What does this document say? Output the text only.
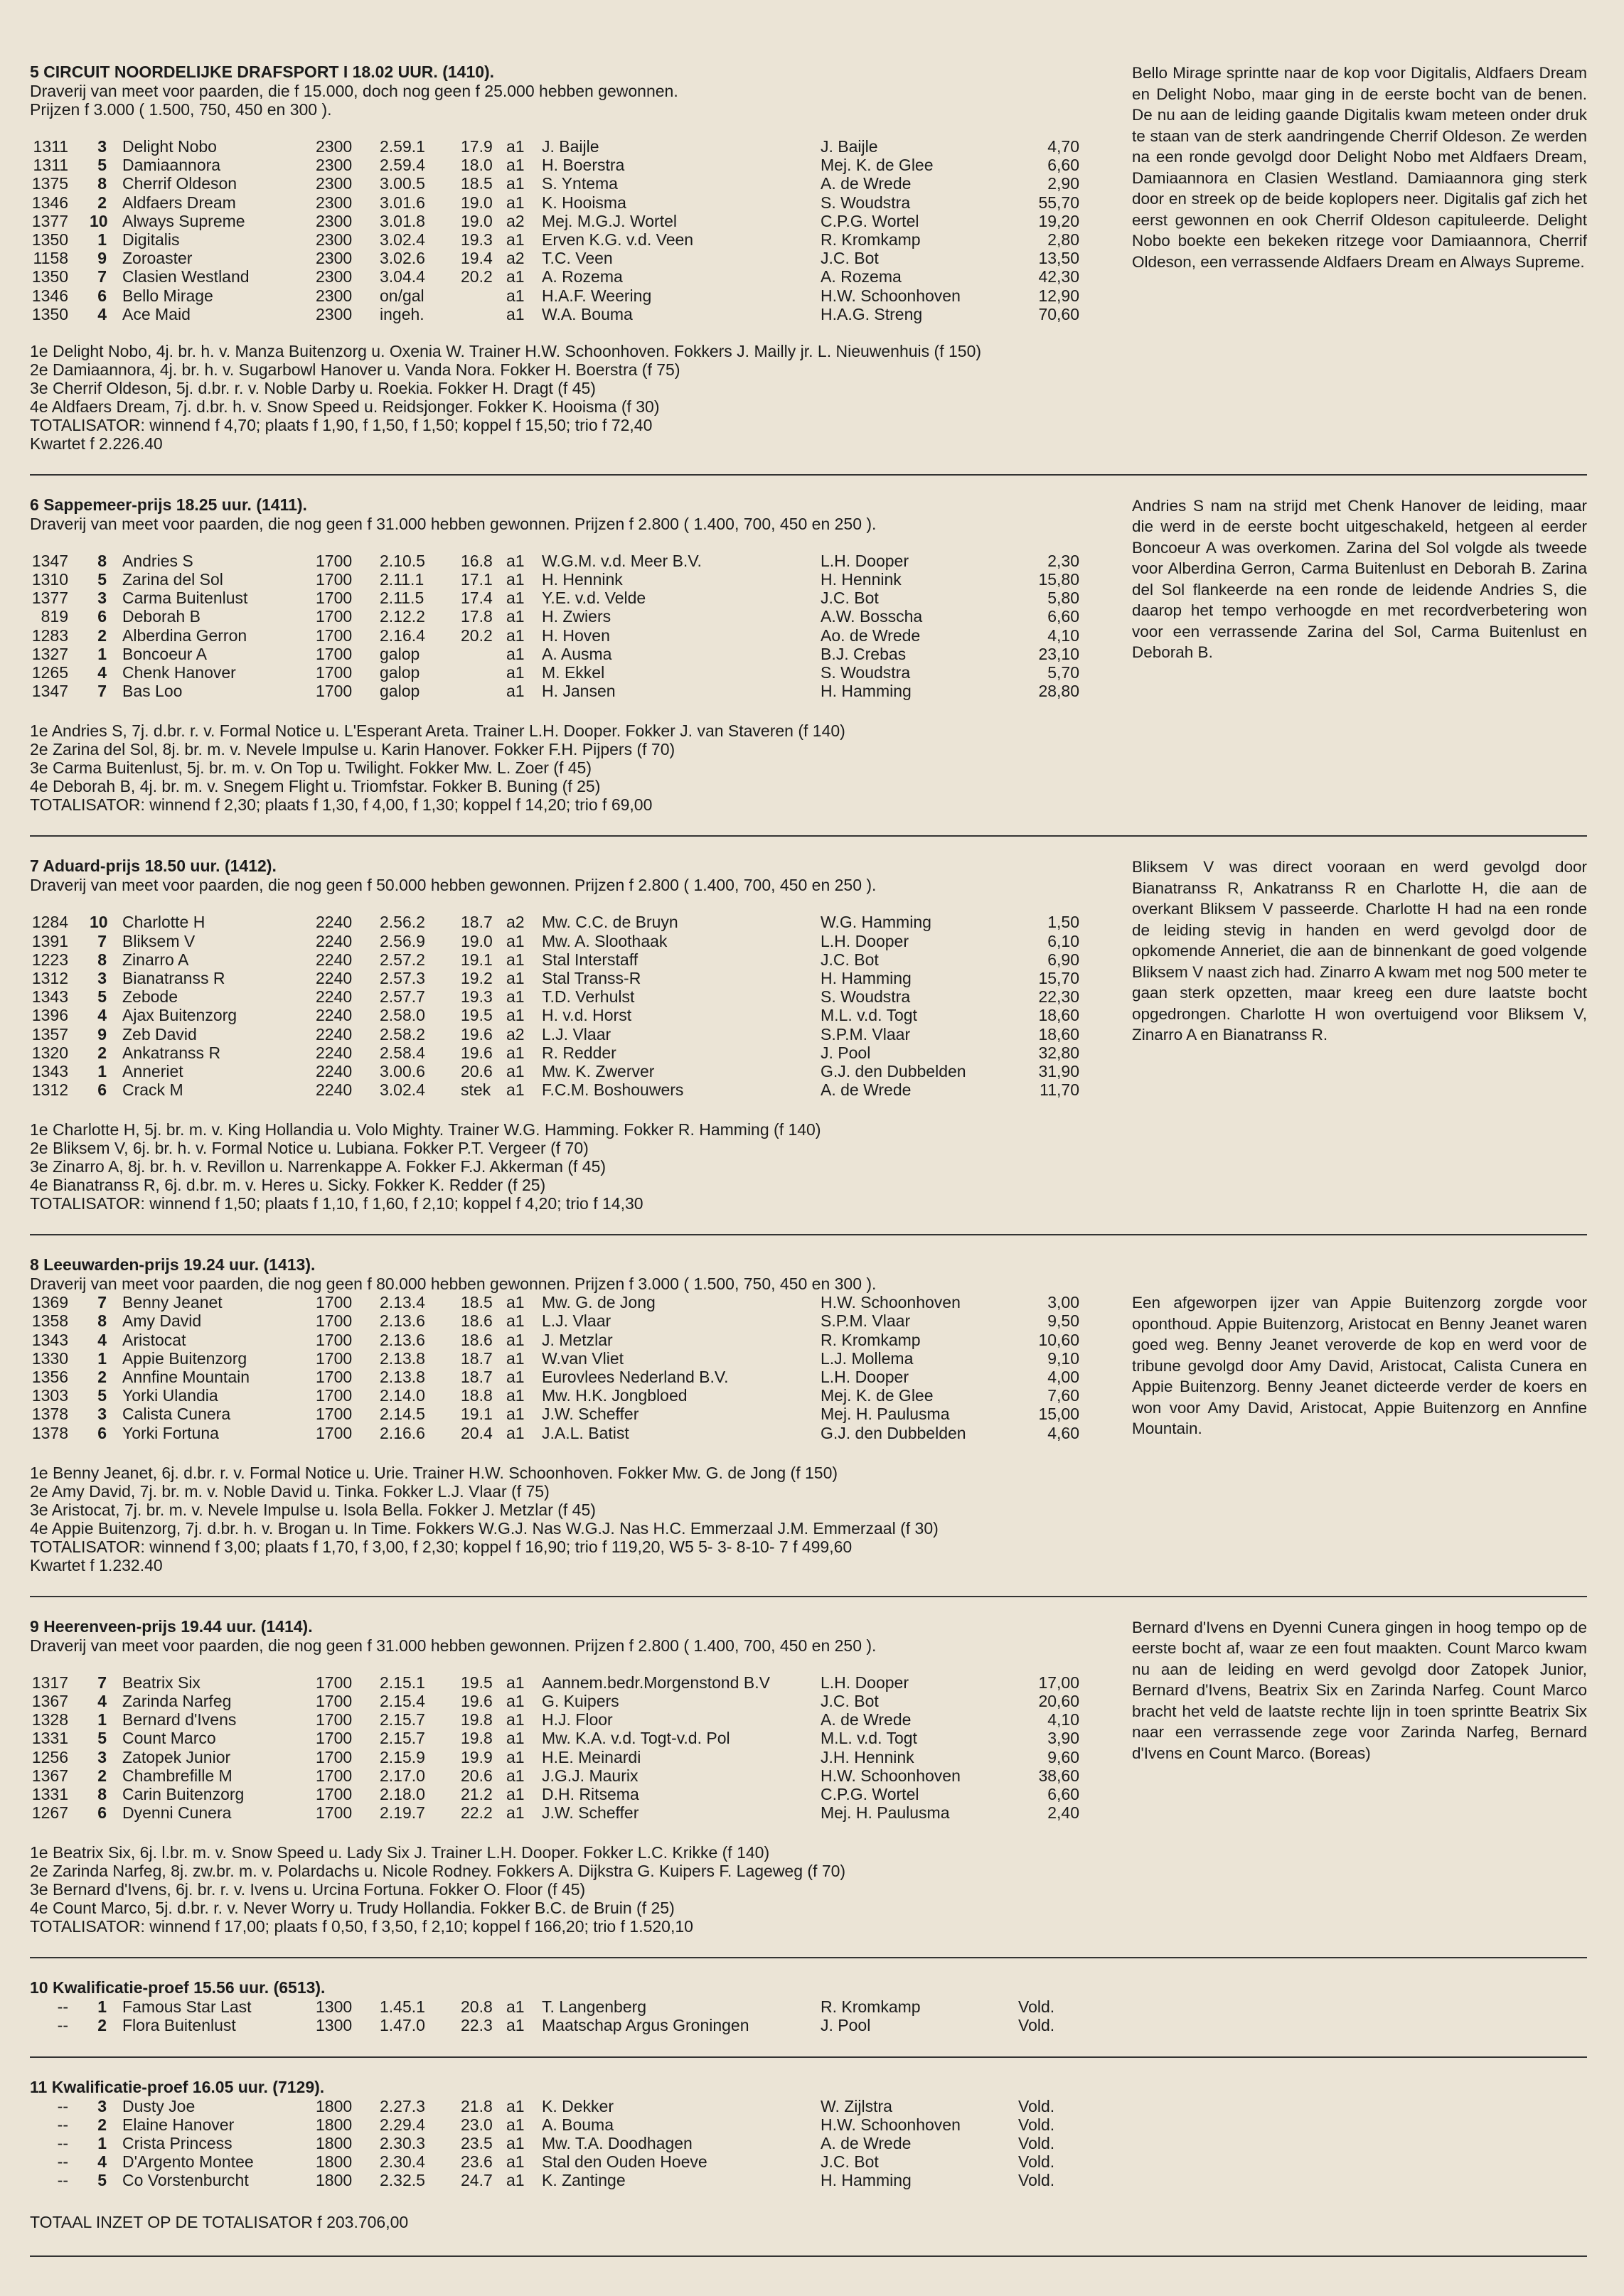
5 CIRCUIT NOORDELIJKE DRAFSPORT I 18.02 UUR. (1410).
Draverij van meet voor paarden, die f 15.000, doch nog geen f 25.000 hebben gewonnen.
Prijzen f 3.000 ( 1.500, 750, 450 en 300 ).
Bello Mirage sprintte naar de kop voor Digitalis, Aldfaers Dream en Delight Nobo, maar ging in de eerste bocht van de benen. De nu aan de leiding gaande Digitalis kwam meteen onder druk te staan van de sterk aandringende Cherrif Oldeson. Ze werden na een ronde gevolgd door Delight Nobo met Aldfaers Dream, Damiaannora en Clasien Westland. Damiaannora ging sterk door en streek op de beide koplopers neer. Digitalis gaf zich het eerst gewonnen en ook Cherrif Oldeson capituleerde. Delight Nobo boekte een bekeken ritzege voor Damiaannora, Cherrif Oldeson, een verrassende Aldfaers Dream en Always Supreme.
1311	3 Delight Nobo	2300 2.59.1 17.9 a1 J. Baijle	J. Baijle	4,70
1311	5 Damiaannora	2300 2.59.4 18.0 a1 H. Boerstra	Mej. K. de Glee	6,60
1375	8 Cherrif Oldeson	2300 3.00.5 18.5 a1 S. Yntema	A. de Wrede	2,90
1346	2 Aldfaers Dream	2300 3.01.6 19.0 a1 K. Hooisma	S. Woudstra	55,70
1377 10 Always Supreme	2300 3.01.8 19.0 a2 Mej. M.G.J. Wortel	C.P.G. Wortel	19,20
1350	1 Digitalis	2300 3.02.4 19.3 a1 Erven K.G. v.d. Veen	R. Kromkamp	2,80
1158	9 Zoroaster	2300 3.02.6 19.4 a2 T.C. Veen	J.C. Bot	13,50
1350	7 Clasien Westland	2300 3.04.4 20.2 a1 A. Rozema	A. Rozema	42,30
1346	6 Bello Mirage	2300 on/gal	a1 H.A.F. Weering	H.W. Schoonhoven	12,90
1350	4 Ace Maid	2300 ingeh.	a1 W.A. Bouma	H.A.G. Streng	70,60
1e Delight Nobo, 4j. br. h. v. Manza Buitenzorg u. Oxenia W. Trainer H.W. Schoonhoven. Fokkers J. Mailly jr. L. Nieuwenhuis (f 150)
2e Damiaannora, 4j. br. h. v. Sugarbowl Hanover u. Vanda Nora. Fokker H. Boerstra (f 75)
3e Cherrif Oldeson, 5j. d.br. r. v. Noble Darby u. Roekia. Fokker H. Dragt (f 45)
4e Aldfaers Dream, 7j. d.br. h. v. Snow Speed u. Reidsjonger. Fokker K. Hooisma (f 30)
TOTALISATOR: winnend f 4,70; plaats f 1,90, f 1,50, f 1,50; koppel f 15,50; trio f 72,40
Kwartet f 2.226.40
6 Sappemeer-prijs 18.25 uur. (1411).
Draverij van meet voor paarden, die nog geen f 31.000 hebben gewonnen. Prijzen f 2.800 ( 1.400, 700, 450 en 250 ).
Andries S nam na strijd met Chenk Hanover de leiding, maar die werd in de eerste bocht uitgeschakeld, hetgeen al eerder Boncoeur A was overkomen. Zarina del Sol volgde als tweede voor Alberdina Gerron, Carma Buitenlust en Deborah B. Zarina del Sol flankeerde na een ronde de leidende Andries S, die daarop het tempo verhoogde en met recordverbetering won voor een verrassende Zarina del Sol, Carma Buitenlust en Deborah B.
1347	8 Andries S	1700 2.10.5 16.8 a1 W.G.M. v.d. Meer B.V.	L.H. Dooper	2,30
1310	5 Zarina del Sol	1700 2.11.1 17.1 a1 H. Hennink	H. Hennink	15,80
1377	3 Carma Buitenlust	1700 2.11.5 17.4 a1 Y.E. v.d. Velde	J.C. Bot	5,80
819	6 Deborah B	1700 2.12.2 17.8 a1 H. Zwiers	A.W. Bosscha	6,60
1283	2 Alberdina Gerron	1700 2.16.4 20.2 a1 H. Hoven	Ao. de Wrede	4,10
1327	1 Boncoeur A	1700 galop	a1 A. Ausma	B.J. Crebas	23,10
1265	4 Chenk Hanover	1700 galop	a1 M. Ekkel	S. Woudstra	5,70
1347	7 Bas Loo	1700 galop	a1 H. Jansen	H. Hamming	28,80
1e Andries S, 7j. d.br. r. v. Formal Notice u. L'Esperant Areta. Trainer L.H. Dooper. Fokker J. van Staveren (f 140)
2e Zarina del Sol, 8j. br. m. v. Nevele Impulse u. Karin Hanover. Fokker F.H. Pijpers (f 70)
3e Carma Buitenlust, 5j. br. m. v. On Top u. Twilight. Fokker Mw. L. Zoer (f 45)
4e Deborah B, 4j. br. m. v. Snegem Flight u. Triomfstar. Fokker B. Buning (f 25)
TOTALISATOR: winnend f 2,30; plaats f 1,30, f 4,00, f 1,30; koppel f 14,20; trio f 69,00
7 Aduard-prijs 18.50 uur. (1412).
Draverij van meet voor paarden, die nog geen f 50.000 hebben gewonnen. Prijzen f 2.800 ( 1.400, 700, 450 en 250 ).
Bliksem V was direct vooraan en werd gevolgd door Bianatranss R, Ankatranss R en Charlotte H, die aan de overkant Bliksem V passeerde. Charlotte H had na een ronde de leiding stevig in handen en werd gevolgd door de opkomende Anneriet, die aan de binnenkant de goed volgende Bliksem V naast zich had. Zinarro A kwam met nog 500 meter te gaan sterk opzetten, maar kreeg een dure laatste bocht opgedrongen. Charlotte H won overtuigend voor Bliksem V, Zinarro A en Bianatranss R.
1284 10 Charlotte H	2240 2.56.2 18.7 a2 Mw. C.C. de Bruyn	W.G. Hamming	1,50
1391	7 Bliksem V	2240 2.56.9 19.0 a1 Mw. A. Sloothaak	L.H. Dooper	6,10
1223	8 Zinarro A	2240 2.57.2 19.1 a1 Stal Interstaff	J.C. Bot	6,90
1312	3 Bianatranss R	2240 2.57.3 19.2 a1 Stal Transs-R	H. Hamming	15,70
1343	5 Zebode	2240 2.57.7 19.3 a1 T.D. Verhulst	S. Woudstra	22,30
1396	4 Ajax Buitenzorg	2240 2.58.0 19.5 a1 H. v.d. Horst	M.L. v.d. Togt	18,60
1357	9 Zeb David	2240 2.58.2 19.6 a2 L.J. Vlaar	S.P.M. Vlaar	18,60
1320	2 Ankatranss R	2240 2.58.4 19.6 a1 R. Redder	J. Pool	32,80
1343	1 Anneriet	2240 3.00.6 20.6 a1 Mw. K. Zwerver	G.J. den Dubbelden	31,90
1312	6 Crack M	2240 3.02.4 stek a1 F.C.M. Boshouwers	A. de Wrede	11,70
1e Charlotte H, 5j. br. m. v. King Hollandia u. Volo Mighty. Trainer W.G. Hamming. Fokker R. Hamming (f 140)
2e Bliksem V, 6j. br. h. v. Formal Notice u. Lubiana. Fokker P.T. Vergeer (f 70)
3e Zinarro A, 8j. br. h. v. Revillon u. Narrenkappe A. Fokker F.J. Akkerman (f 45)
4e Bianatranss R, 6j. d.br. m. v. Heres u. Sicky. Fokker K. Redder (f 25)
TOTALISATOR: winnend f 1,50; plaats f 1,10, f 1,60, f 2,10; koppel f 4,20; trio f 14,30
8 Leeuwarden-prijs 19.24 uur. (1413).
Draverij van meet voor paarden, die nog geen f 80.000 hebben gewonnen. Prijzen f 3.000 ( 1.500, 750, 450 en 300 ).
Een afgeworpen ijzer van Appie Buitenzorg zorgde voor oponthoud. Appie Buitenzorg, Aristocat en Benny Jeanet waren goed weg. Benny Jeanet veroverde de kop en werd voor de tribune gevolgd door Amy David, Aristocat, Calista Cunera en Appie Buitenzorg. Benny Jeanet dicteerde verder de koers en won voor Amy David, Aristocat, Appie Buitenzorg en Annfine Mountain.
1369	7 Benny Jeanet	1700 2.13.4 18.5 a1 Mw. G. de Jong	H.W. Schoonhoven	3,00
1358	8 Amy David	1700 2.13.6 18.6 a1 L.J. Vlaar	S.P.M. Vlaar	9,50
1343	4 Aristocat	1700 2.13.6 18.6 a1 J. Metzlar	R. Kromkamp	10,60
1330	1 Appie Buitenzorg	1700 2.13.8 18.7 a1 W.van Vliet	L.J. Mollema	9,10
1356	2 Annfine Mountain	1700 2.13.8 18.7 a1 Eurovlees Nederland B.V.	L.H. Dooper	4,00
1303	5 Yorki Ulandia	1700 2.14.0 18.8 a1 Mw. H.K. Jongbloed	Mej. K. de Glee	7,60
1378	3 Calista Cunera	1700 2.14.5 19.1 a1 J.W. Scheffer	Mej. H. Paulusma	15,00
1378	6 Yorki Fortuna	1700 2.16.6 20.4 a1 J.A.L. Batist	G.J. den Dubbelden	4,60
1e Benny Jeanet, 6j. d.br. r. v. Formal Notice u. Urie. Trainer H.W. Schoonhoven. Fokker Mw. G. de Jong (f 150)
2e Amy David, 7j. br. m. v. Noble David u. Tinka. Fokker L.J. Vlaar (f 75)
3e Aristocat, 7j. br. m. v. Nevele Impulse u. Isola Bella. Fokker J. Metzlar (f 45)
4e Appie Buitenzorg, 7j. d.br. h. v. Brogan u. In Time. Fokkers W.G.J. Nas W.G.J. Nas H.C. Emmerzaal J.M. Emmerzaal (f 30)
TOTALISATOR: winnend f 3,00; plaats f 1,70, f 3,00, f 2,30; koppel f 16,90; trio f 119,20, W5 5- 3- 8-10- 7 f 499,60
Kwartet f 1.232.40
9 Heerenveen-prijs 19.44 uur. (1414).
Draverij van meet voor paarden, die nog geen f 31.000 hebben gewonnen. Prijzen f 2.800 ( 1.400, 700, 450 en 250 ).
Bernard d'Ivens en Dyenni Cunera gingen in hoog tempo op de eerste bocht af, waar ze een fout maakten. Count Marco kwam nu aan de leiding en werd gevolgd door Zatopek Junior, Bernard d'Ivens, Beatrix Six en Zarinda Narfeg. Count Marco bracht het veld de laatste rechte lijn in toen sprintte Beatrix Six naar een verrassende zege voor Zarinda Narfeg, Bernard d'Ivens en Count Marco. (Boreas)
1317	7 Beatrix Six	1700 2.15.1 19.5 a1 Aannem.bedr.Morgenstond B.V	L.H. Dooper	17,00
1367	4 Zarinda Narfeg	1700 2.15.4 19.6 a1 G. Kuipers	J.C. Bot	20,60
1328	1 Bernard d'Ivens	1700 2.15.7 19.8 a1 H.J. Floor	A. de Wrede	4,10
1331	5 Count Marco	1700 2.15.7 19.8 a1 Mw. K.A. v.d. Togt-v.d. Pol	M.L. v.d. Togt	3,90
1256	3 Zatopek Junior	1700 2.15.9 19.9 a1 H.E. Meinardi	J.H. Hennink	9,60
1367	2 Chambrefille M	1700 2.17.0 20.6 a1 J.G.J. Maurix	H.W. Schoonhoven	38,60
1331	8 Carin Buitenzorg	1700 2.18.0 21.2 a1 D.H. Ritsema	C.P.G. Wortel	6,60
1267	6 Dyenni Cunera	1700 2.19.7 22.2 a1 J.W. Scheffer	Mej. H. Paulusma	2,40
1e Beatrix Six, 6j. l.br. m. v. Snow Speed u. Lady Six J. Trainer L.H. Dooper. Fokker L.C. Krikke (f 140)
2e Zarinda Narfeg, 8j. zw.br. m. v. Polardachs u. Nicole Rodney. Fokkers A. Dijkstra G. Kuipers F. Lageweg (f 70)
3e Bernard d'Ivens, 6j. br. r. v. Ivens u. Urcina Fortuna. Fokker O. Floor (f 45)
4e Count Marco, 5j. d.br. r. v. Never Worry u. Trudy Hollandia. Fokker B.C. de Bruin (f 25)
TOTALISATOR: winnend f 17,00; plaats f 0,50, f 3,50, f 2,10; koppel f 166,20; trio f 1.520,10
10 Kwalificatie-proef 15.56 uur. (6513).
--	1 Famous Star Last	1300 1.45.1 20.8 a1 T. Langenberg	R. Kromkamp	Vold.
--	2 Flora Buitenlust	1300 1.47.0 22.3 a1 Maatschap Argus Groningen	J. Pool	Vold.
11 Kwalificatie-proef 16.05 uur. (7129).
--	3 Dusty Joe	1800 2.27.3 21.8 a1 K. Dekker	W. Zijlstra	Vold.
--	2 Elaine Hanover	1800 2.29.4 23.0 a1 A. Bouma	H.W. Schoonhoven	Vold.
--	1 Crista Princess	1800 2.30.3 23.5 a1 Mw. T.A. Doodhagen	A. de Wrede	Vold.
--	4 D'Argento Montee	1800 2.30.4 23.6 a1 Stal den Ouden Hoeve	J.C. Bot	Vold.
--	5 Co Vorstenburcht	1800 2.32.5 24.7 a1 K. Zantinge	H. Hamming	Vold.
TOTAAL INZET OP DE TOTALISATOR f 203.706,00
